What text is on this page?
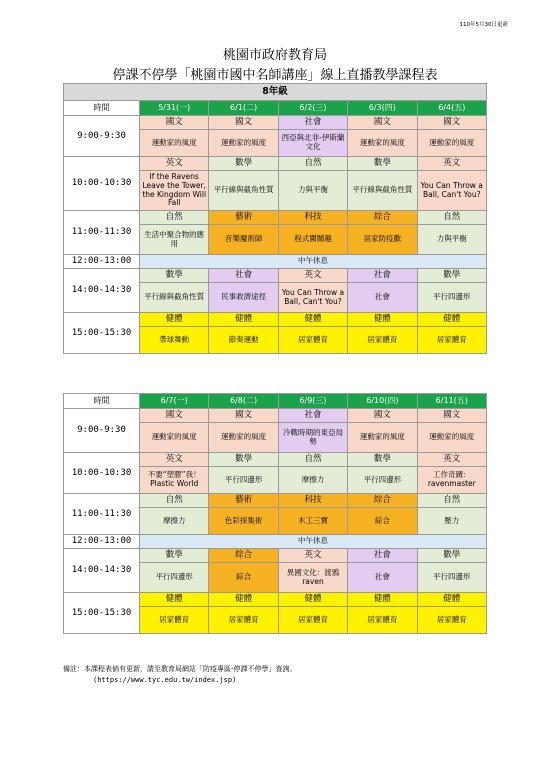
110年5月30日更新
桃園市政府教育局
停課不停學「桃園市國中名師講座」線上直播教學課程表
8年級					
時間	5/31(一)	6/1(二)	6/2(三)	6/3(四)	6/4(五)
9:00-9:30	國文	國文	社會	國文	國文
	運動家的風度	運動家的風度	西亞與北非-伊斯蘭文化	運動家的風度	運動家的風度
10:00-10:30	英文	數學	自然	數學	英文
	If the Ravens Leave the Tower, the Kingdom Will Fall	平行線與截角性質	力與平衡	平行線與截角性質	You Can Throw a Ball, Can't You?
11:00-11:30	自然	藝術	科技	綜合	自然
	生活中聚合物的應用	音樂魔術師	程式闖關趣	居家防疫歡	力與平衡
12:00-13:00	中午休息				
14:00-14:30	數學	社會	英文	社會	數學
	平行線與截角性質	民事救濟途徑	You Can Throw a Ball, Can't You?	社會	平行四邊形
15:00-15:30	健體	健體	健體	健體	健體
	帶球舞動	節奏運動	居家體育	居家體育	居家體育
時間	6/7(一)	6/8(二)	6/9(三)	6/10(四)	6/11(五)
9:00-9:30	國文	國文	社會	國文	國文
	運動家的風度	運動家的風度	冷戰時期的東亞局勢	運動家的風度	運動家的風度
10:00-10:30	英文	數學	自然	數學	英文
	不要“塑膠”我！Plastic World	平行四邊形	摩擦力	平行四邊形	工作奇蹟：ravenmaster
11:00-11:30	自然	藝術	科技	綜合	自然
	摩擦力	色彩採集術	木工三寶	綜合	壓力
12:00-13:00	中午休息				
14:00-14:30	數學	綜合	英文	社會	數學
	平行四邊形	綜合	異國文化：渡鴉raven	社會	平行四邊形
15:00-15:30	健體	健體	健體	健體	健體
	居家體育	居家體育	居家體育	居家體育	居家體育
備註：本課程表倘有更新，請至教育局網站「防疫專區-停課不停學」查詢。
(https://www.tyc.edu.tw/index.jsp)
